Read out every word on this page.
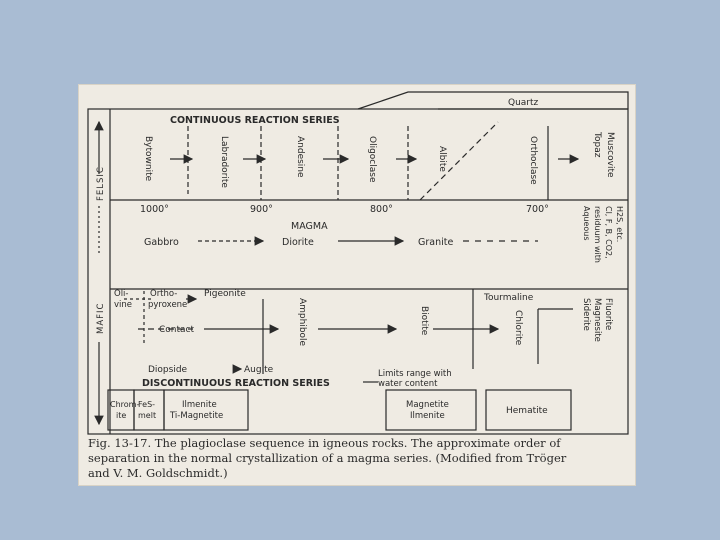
Quartz
CONTINUOUS REACTION SERIES
Bytownite	Labradorite	Andesine	Oligoclase	Albite	Orthoclase	Topaz Muscovite
1000°	900°	800°	700°
MAGMA
Gabbro	Diorite	Granite
Aqueous residuum with Cl, F, B, CO2, H2S, etc.
FELSIC
MAFIC
Oli-
vine
Ortho-
pyroxene
Pigeonite
Contact
Diopside	Augite
Amphibole	Biotite
Tourmaline
Chlorite	Siderite Magnesite Fluorite
DISCONTINUOUS REACTION SERIES
Limits range with
water content
Chrom-
ite
FeS-
melt
Ilmenite
Ti-Magnetite
Magnetite
Ilmenite	Hematite
Fig. 13-17. The plagioclase sequence in igneous rocks. The approximate order of
separation in the normal crystallization of a magma series. (Modified from Tröger
and V. M. Goldschmidt.)
